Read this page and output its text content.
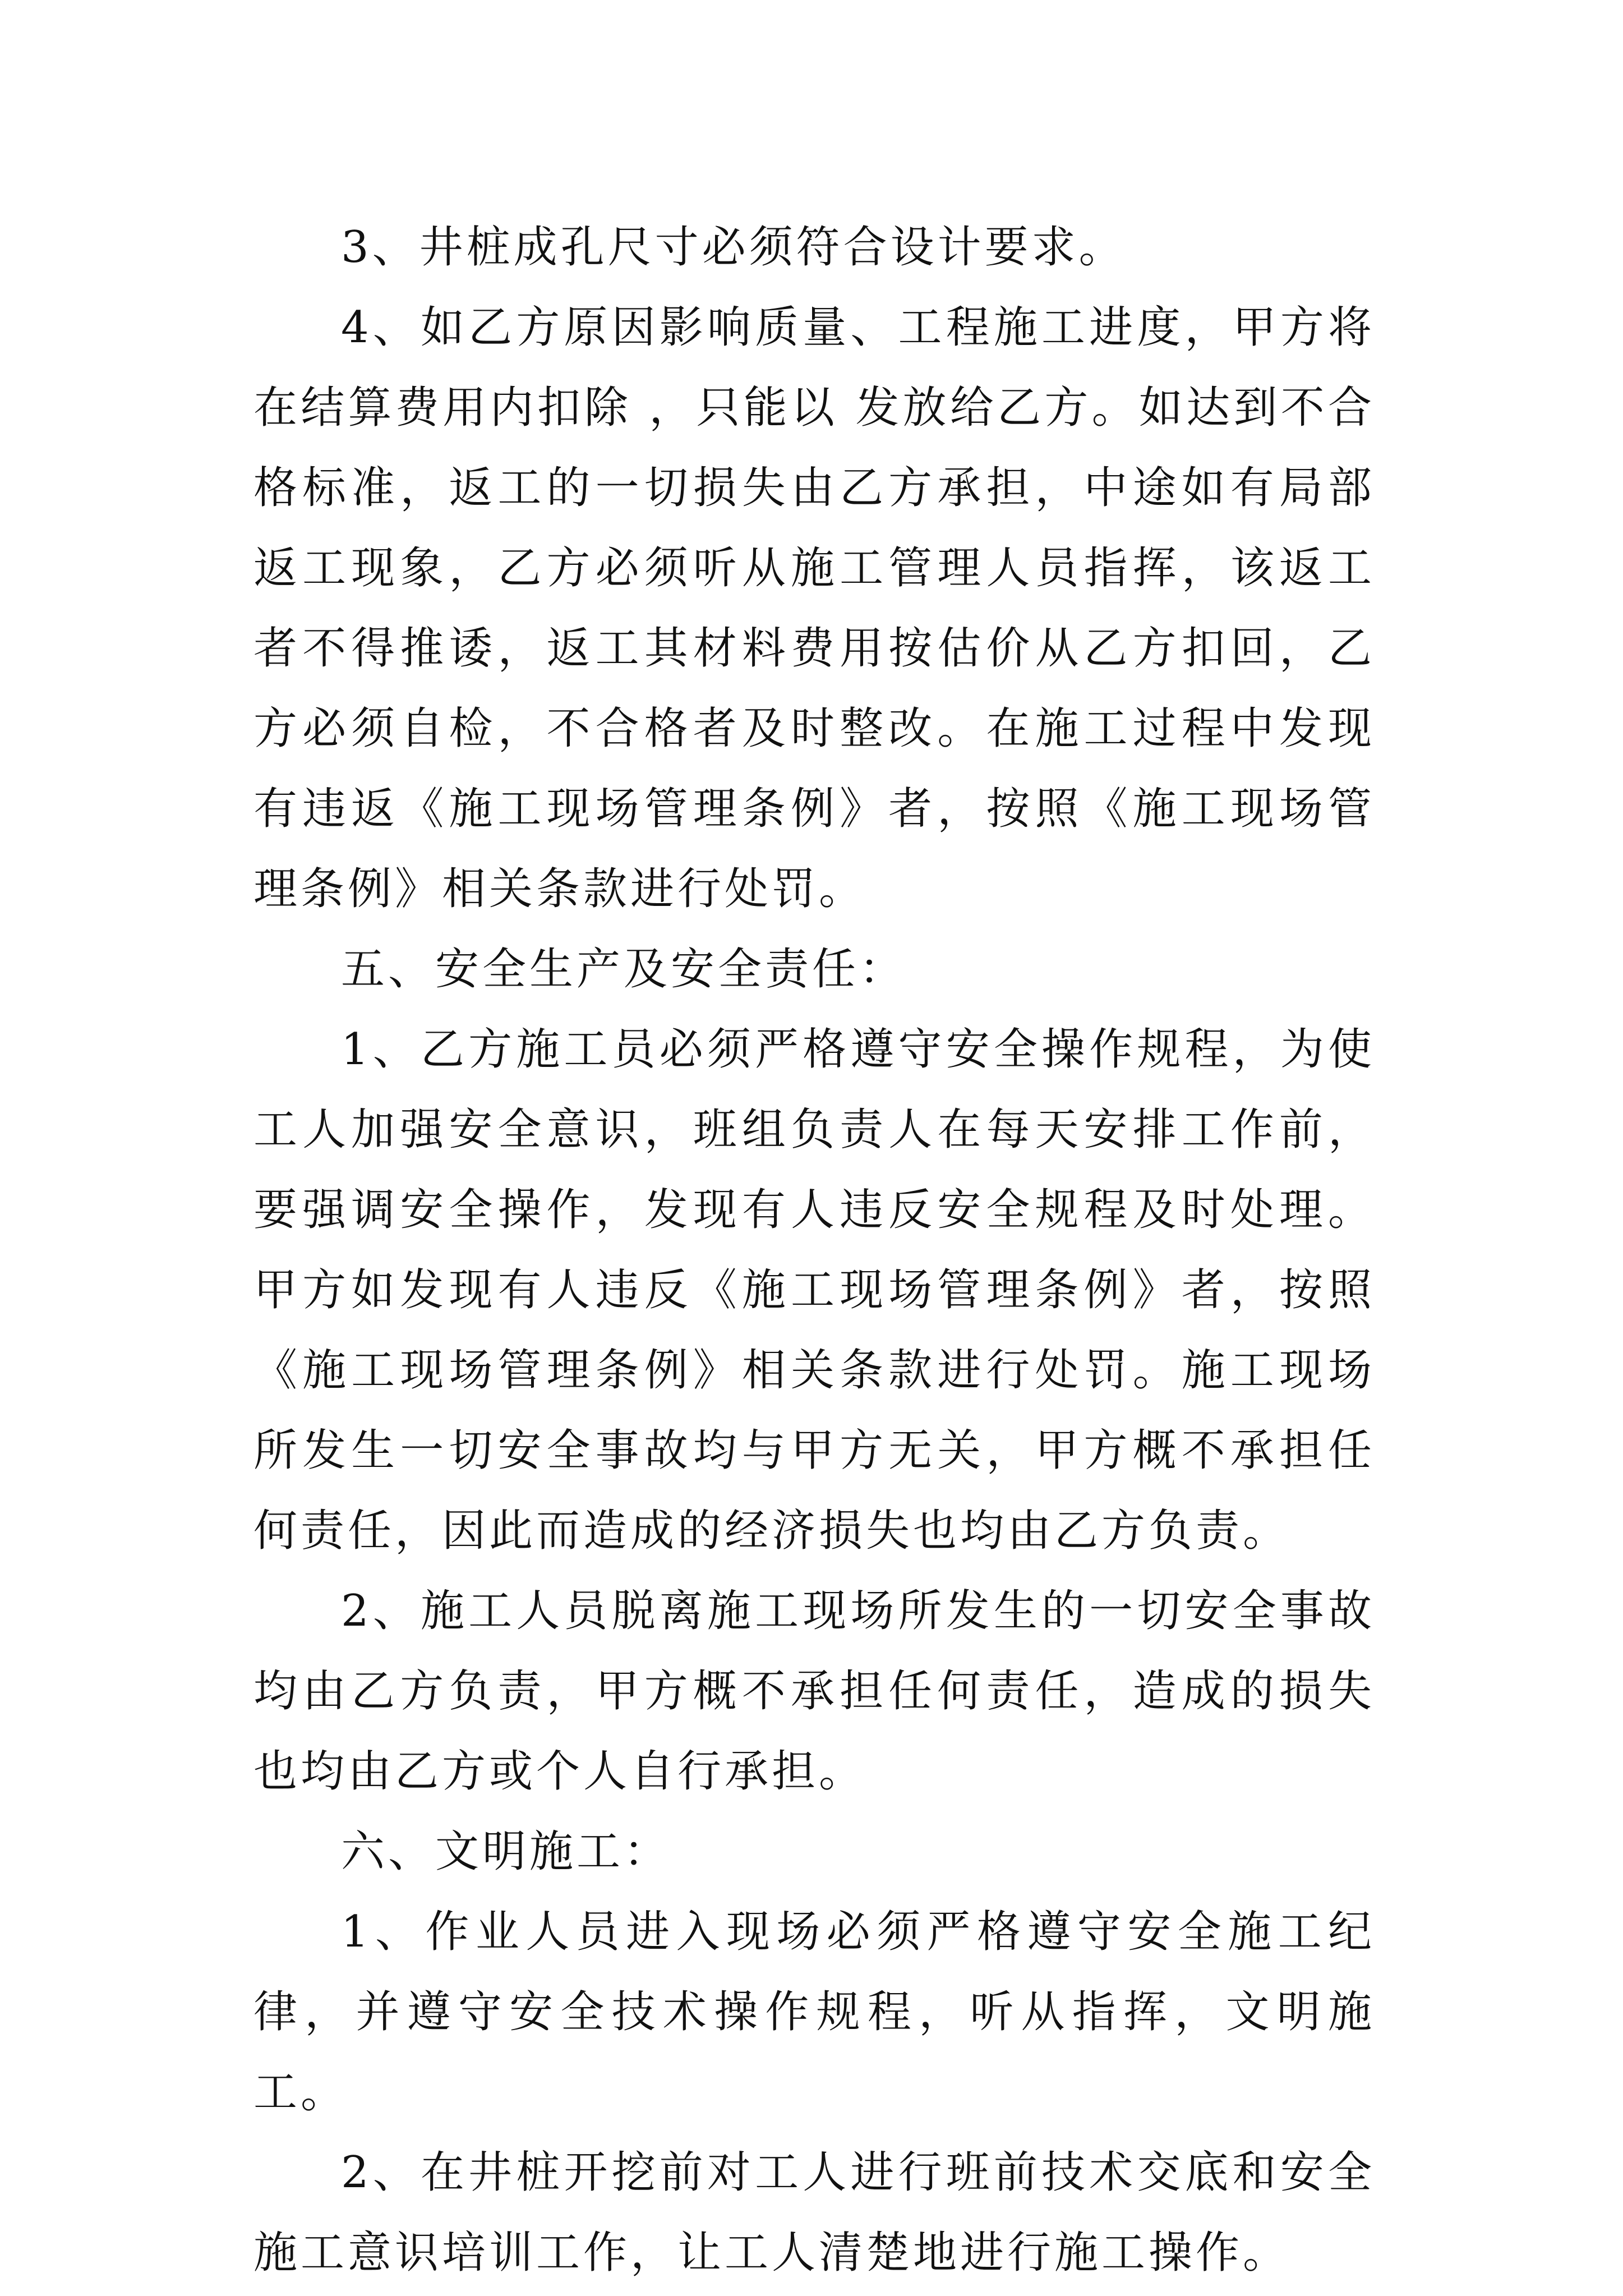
3、井桩成孔尺寸必须符合设计要求。

4、如乙方原因影响质量、工程施工进度，甲方将在结算费用内扣除 ，只能以 发放给乙方。如达到不合格标准，返工的一切损失由乙方承担，中途如有局部返工现象，乙方必须听从施工管理人员指挥，该返工者不得推诿，返工其材料费用按估价从乙方扣回，乙方必须自检，不合格者及时整改。在施工过程中发现有违返《施工现场管理条例》者，按照《施工现场管理条例》相关条款进行处罚。

五、安全生产及安全责任：

1、乙方施工员必须严格遵守安全操作规程，为使工人加强安全意识，班组负责人在每天安排工作前，要强调安全操作，发现有人违反安全规程及时处理。甲方如发现有人违反《施工现场管理条例》者，按照《施工现场管理条例》相关条款进行处罚。施工现场所发生一切安全事故均与甲方无关，甲方概不承担任何责任，因此而造成的经济损失也均由乙方负责。

2、施工人员脱离施工现场所发生的一切安全事故均由乙方负责，甲方概不承担任何责任，造成的损失也均由乙方或个人自行承担。

六、文明施工：

1、作业人员进入现场必须严格遵守安全施工纪律，并遵守安全技术操作规程，听从指挥，文明施工。

2、在井桩开挖前对工人进行班前技术交底和安全施工意识培训工作，让工人清楚地进行施工操作。
